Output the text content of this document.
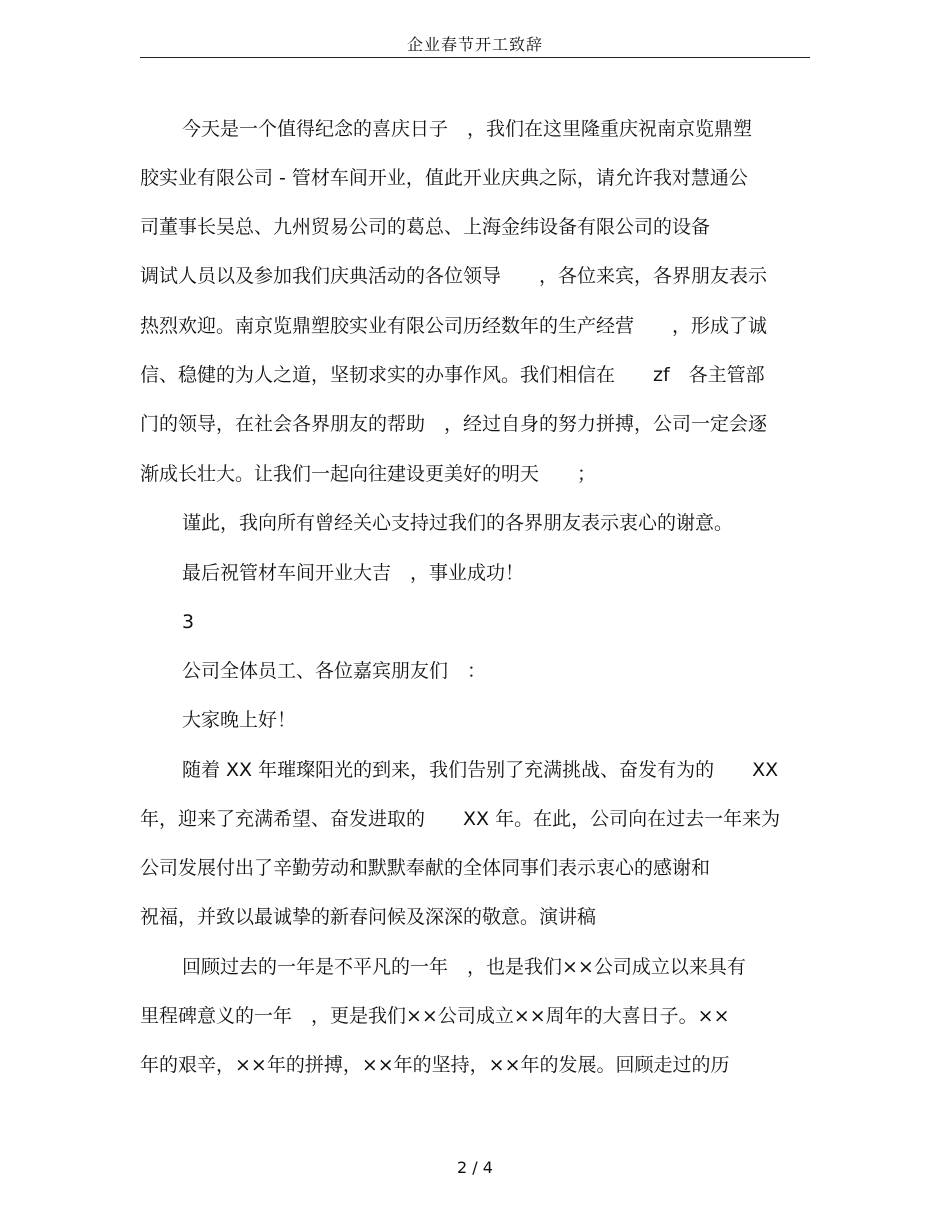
企业春节开工致辞
今天是一个值得纪念的喜庆日子　，我们在这里隆重庆祝南京览鼎塑
胶实业有限公司 - 管材车间开业，值此开业庆典之际，请允许我对慧通公
司董事长吴总、九州贸易公司的葛总、上海金纬设备有限公司的设备
调试人员以及参加我们庆典活动的各位领导　　，各位来宾，各界朋友表示
热烈欢迎。南京览鼎塑胶实业有限公司历经数年的生产经营　　，形成了诚
信、稳健的为人之道，坚韧求实的办事作风。我们相信在　　zf　各主管部
门的领导，在社会各界朋友的帮助　，经过自身的努力拼搏，公司一定会逐
渐成长壮大。让我们一起向往建设更美好的明天　　；
谨此，我向所有曾经关心支持过我们的各界朋友表示衷心的谢意。
最后祝管材车间开业大吉　，事业成功！
3
公司全体员工、各位嘉宾朋友们　：
大家晚上好！
随着 XX 年璀璨阳光的到来，我们告别了充满挑战、奋发有为的　　XX
年，迎来了充满希望、奋发进取的　　XX 年。在此，公司向在过去一年来为
公司发展付出了辛勤劳动和默默奉献的全体同事们表示衷心的感谢和
祝福，并致以最诚挚的新春问候及深深的敬意。演讲稿
回顾过去的一年是不平凡的一年　，也是我们××公司成立以来具有
里程碑意义的一年　，更是我们××公司成立××周年的大喜日子。××
年的艰辛，××年的拼搏，××年的坚持，××年的发展。回顾走过的历
2 / 4
